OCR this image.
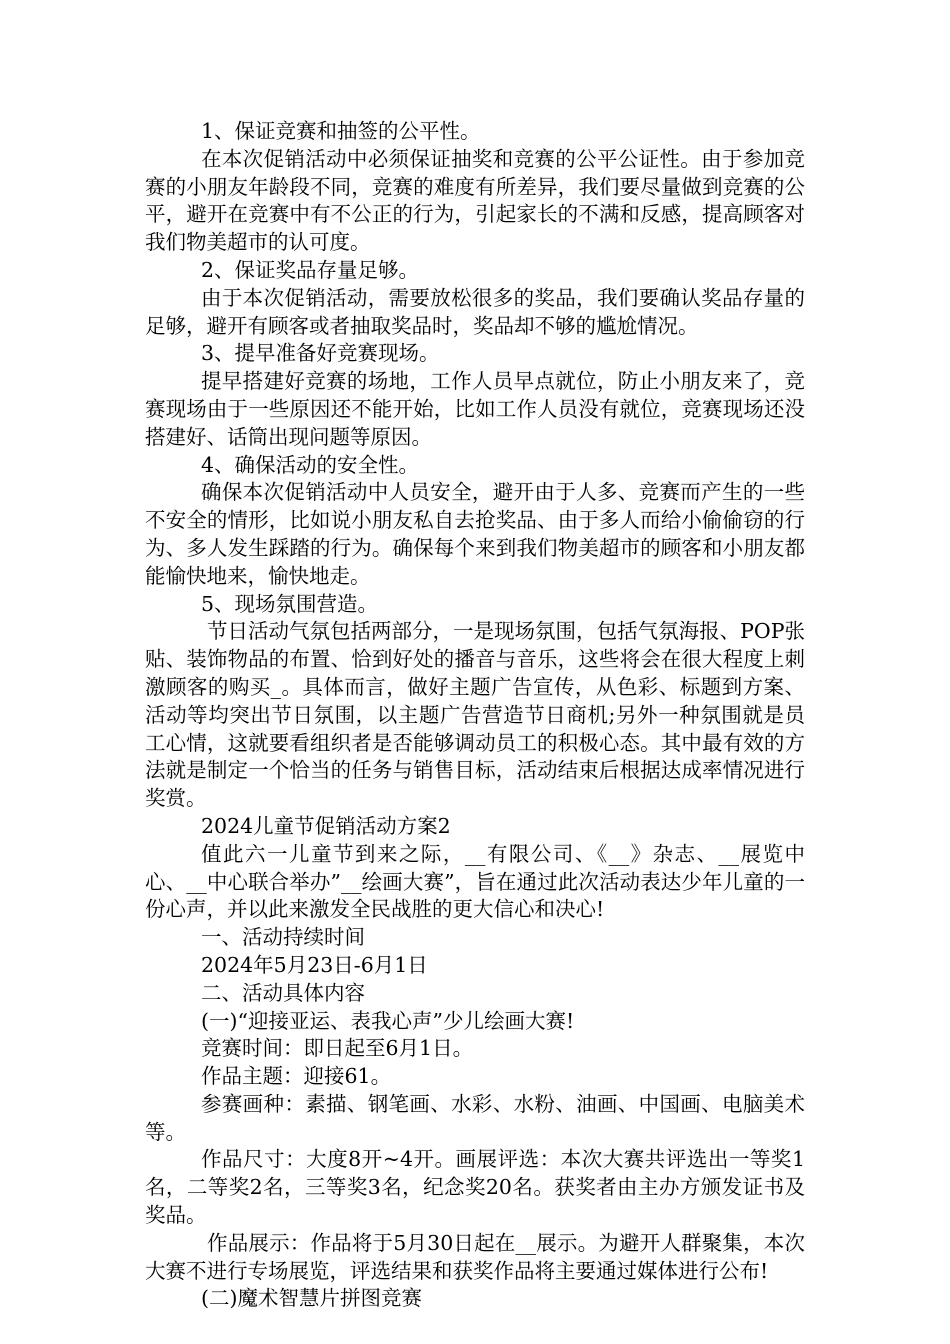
1、保证竞赛和抽签的公平性。

在本次促销活动中必须保证抽奖和竞赛的公平公证性。由于参加竞赛的小朋友年龄段不同，竞赛的难度有所差异，我们要尽量做到竞赛的公平，避开在竞赛中有不公正的行为，引起家长的不满和反感，提高顾客对我们物美超市的认可度。

2、保证奖品存量足够。

由于本次促销活动，需要放松很多的奖品，我们要确认奖品存量的足够，避开有顾客或者抽取奖品时，奖品却不够的尴尬情况。

3、提早准备好竞赛现场。

提早搭建好竞赛的场地，工作人员早点就位，防止小朋友来了，竞赛现场由于一些原因还不能开始，比如工作人员没有就位，竞赛现场还没搭建好、话筒出现问题等原因。

4、确保活动的安全性。

确保本次促销活动中人员安全，避开由于人多、竞赛而产生的一些不安全的情形，比如说小朋友私自去抢奖品、由于多人而给小偷偷窃的行为、多人发生踩踏的行为。确保每个来到我们物美超市的顾客和小朋友都能愉快地来，愉快地走。

5、现场氛围营造。

节日活动气氛包括两部分，一是现场氛围，包括气氛海报、POP张贴、装饰物品的布置、恰到好处的播音与音乐，这些将会在很大程度上刺激顾客的购买_。具体而言，做好主题广告宣传，从色彩、标题到方案、活动等均突出节日氛围，以主题广告营造节日商机;另外一种氛围就是员工心情，这就要看组织者是否能够调动员工的积极心态。其中最有效的方法就是制定一个恰当的任务与销售目标，活动结束后根据达成率情况进行奖赏。

2024儿童节促销活动方案2

值此六一儿童节到来之际，__有限公司、《__》杂志、__展览中心、__中心联合举办”__绘画大赛”，旨在通过此次活动表达少年儿童的一份心声，并以此来激发全民战胜的更大信心和决心!

一、活动持续时间

2024年5月23日-6月1日

二、活动具体内容

(一)“迎接亚运、表我心声”少儿绘画大赛!

竞赛时间：即日起至6月1日。

作品主题：迎接61。

参赛画种：素描、钢笔画、水彩、水粉、油画、中国画、电脑美术等。

作品尺寸：大度8开~4开。画展评选：本次大赛共评选出一等奖1名，二等奖2名，三等奖3名，纪念奖20名。获奖者由主办方颁发证书及奖品。

作品展示：作品将于5月30日起在__展示。为避开人群聚集，本次大赛不进行专场展览，评选结果和获奖作品将主要通过媒体进行公布!

(二)魔术智慧片拼图竞赛
